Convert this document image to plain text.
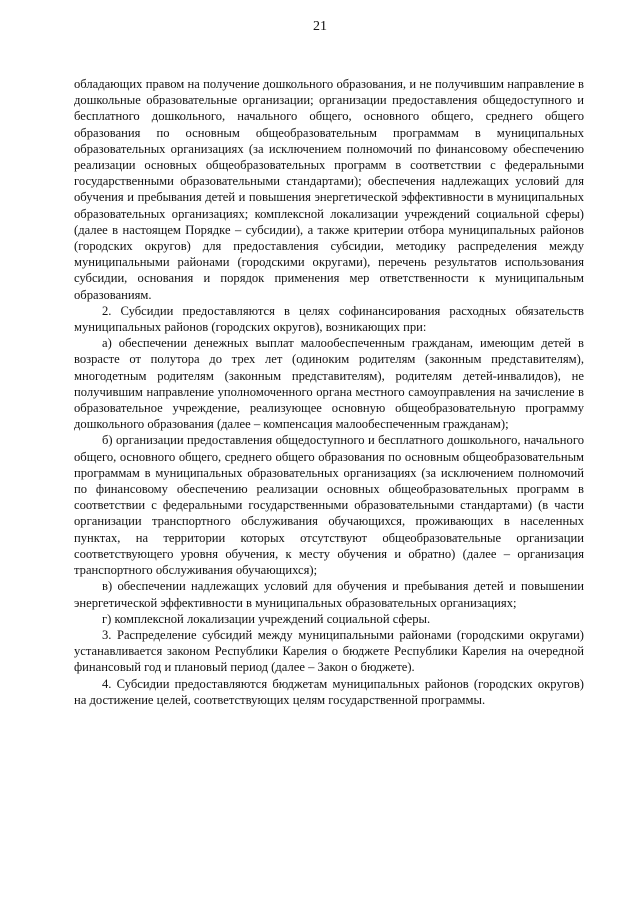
21

обладающих правом на получение дошкольного образования, и не получившим направление в дошкольные образовательные организации; организации предоставления общедоступного и бесплатного дошкольного, начального общего, основного общего, среднего общего образования по основным общеобразовательным программам в муниципальных образовательных организациях (за исключением полномочий по финансовому обеспечению реализации основных общеобразовательных программ в соответствии с федеральными государственными образовательными стандартами); обеспечения надлежащих условий для обучения и пребывания детей и повышения энергетической эффективности в муниципальных образовательных организациях; комплексной локализации учреждений социальной сферы) (далее в настоящем Порядке – субсидии), а также критерии отбора муниципальных районов (городских округов) для предоставления субсидии, методику распределения между муниципальными районами (городскими округами), перечень результатов использования субсидии, основания и порядок применения мер ответственности к муниципальным образованиям.

2. Субсидии предоставляются в целях софинансирования расходных обязательств муниципальных районов (городских округов), возникающих при:

а) обеспечении денежных выплат малообеспеченным гражданам, имеющим детей в возрасте от полутора до трех лет (одиноким родителям (законным представителям), многодетным родителям (законным представителям), родителям детей-инвалидов), не получившим направление уполномоченного органа местного самоуправления на зачисление в образовательное учреждение, реализующее основную общеобразовательную программу дошкольного образования (далее – компенсация малообеспеченным гражданам);

б) организации предоставления общедоступного и бесплатного дошкольного, начального общего, основного общего, среднего общего образования по основным общеобразовательным программам в муниципальных образовательных организациях (за исключением полномочий по финансовому обеспечению реализации основных общеобразовательных программ в соответствии с федеральными государственными образовательными стандартами) (в части организации транспортного обслуживания обучающихся, проживающих в населенных пунктах, на территории которых отсутствуют общеобразовательные организации соответствующего уровня обучения, к месту обучения и обратно) (далее – организация транспортного обслуживания обучающихся);

в) обеспечении надлежащих условий для обучения и пребывания детей и повышении энергетической эффективности в муниципальных образовательных организациях;

г) комплексной локализации учреждений социальной сферы.

3. Распределение субсидий между муниципальными районами (городскими округами) устанавливается законом Республики Карелия о бюджете Республики Карелия на очередной финансовый год и плановый период (далее – Закон о бюджете).

4. Субсидии предоставляются бюджетам муниципальных районов (городских округов) на достижение целей, соответствующих целям государственной программы.
